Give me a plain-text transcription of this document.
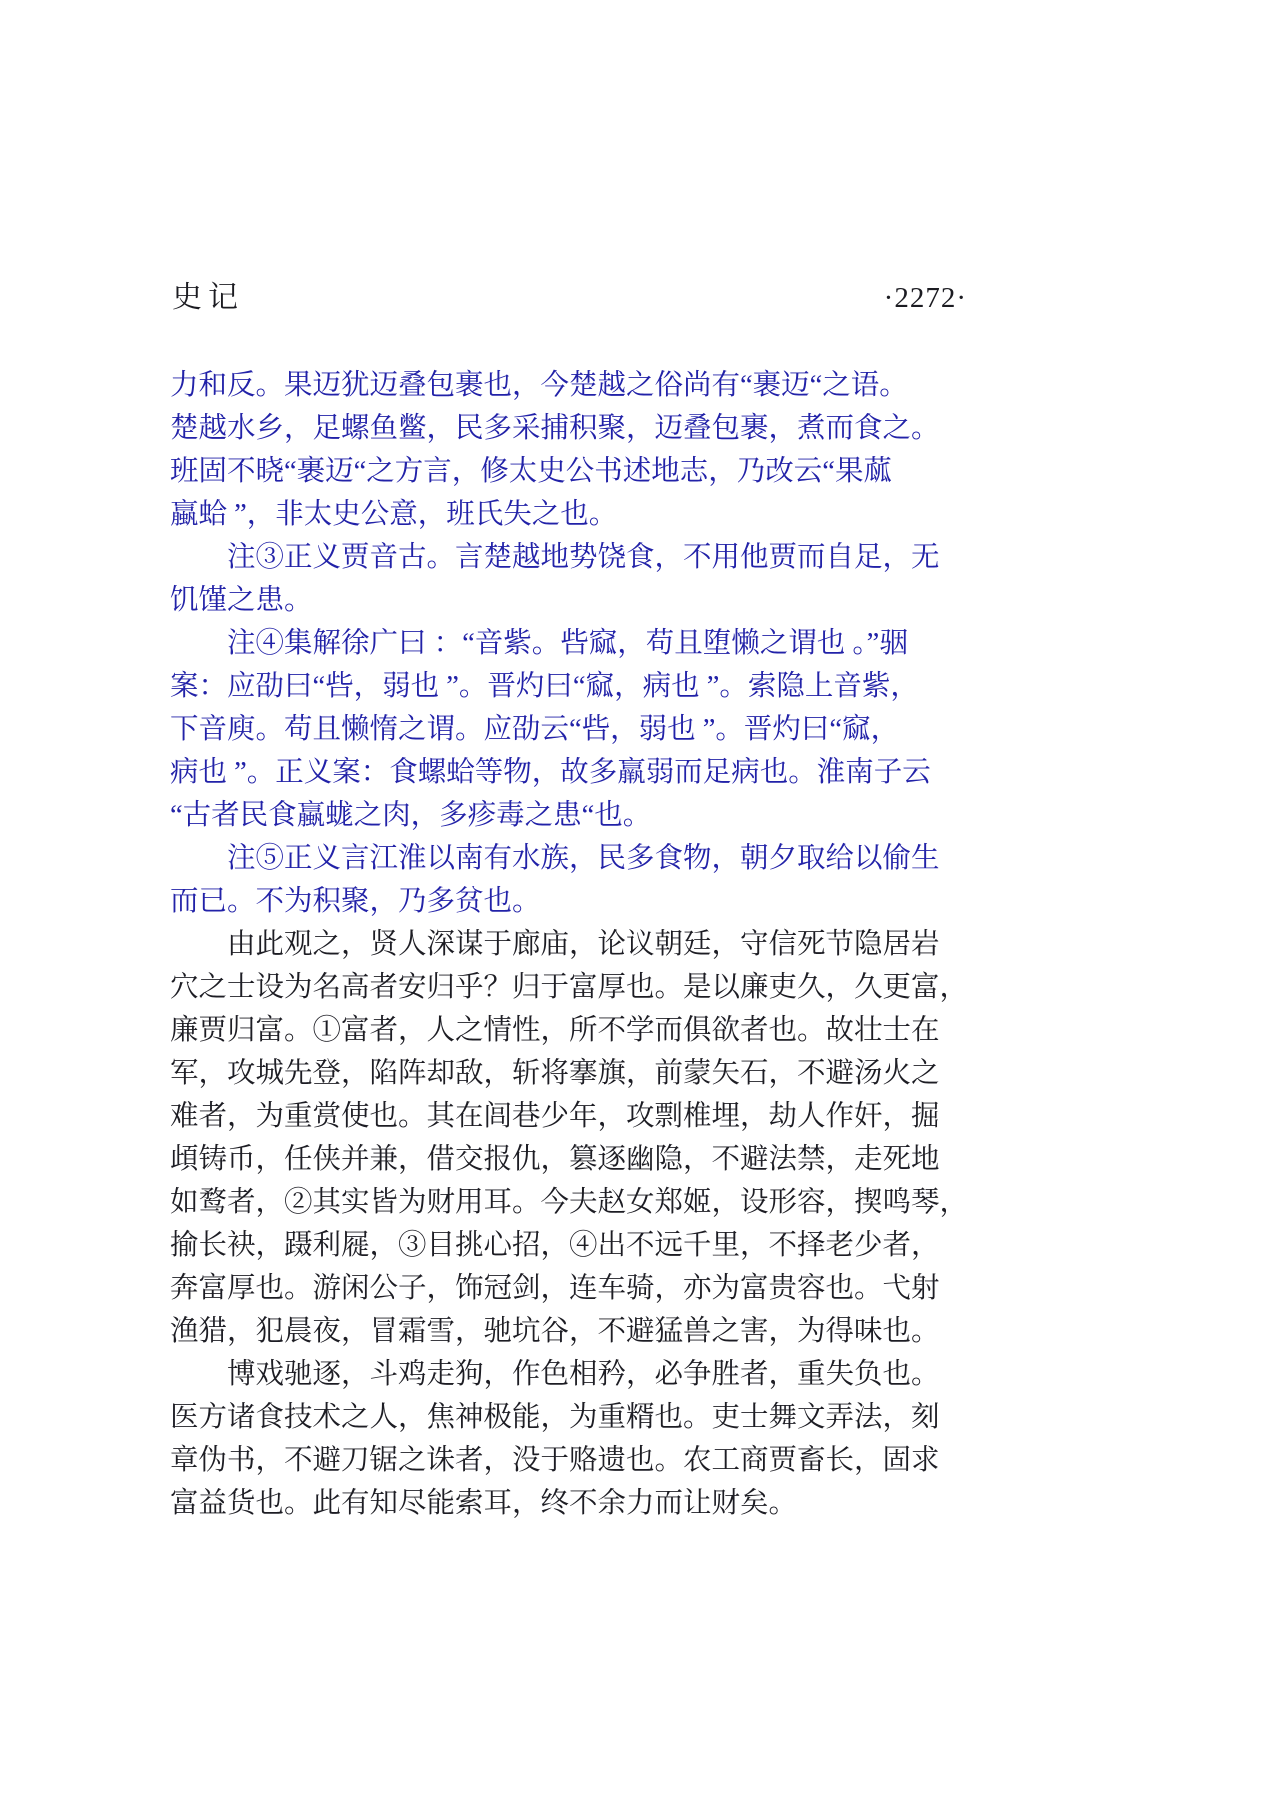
史记	·2272·
力和反。果迈犹迈叠包裹也，今楚越之俗尚有“裹迈“之语。
楚越水乡，足螺鱼鳖，民多采捕积聚，迈叠包裹，煮而食之。
班固不晓“裹迈“之方言，修太史公书述地志，乃改云“果蓏
蠃蛤 ”，非太史公意，班氏失之也。
注③正义贾音古。言楚越地势饶食，不用他贾而自足，无
饥馑之患。
注④集解徐广曰 ：“音紫。呰窳，苟且堕懒之谓也 。”骃
案：应劭曰“呰，弱也 ”。晋灼曰“窳，病也 ”。索隐上音紫，
下音庾。苟且懒惰之谓。应劭云“呰，弱也 ”。晋灼曰“窳，
病也 ”。正义案：食螺蛤等物，故多羸弱而足病也。淮南子云
“古者民食蠃蛖之肉，多疹毒之患“也。
注⑤正义言江淮以南有水族，民多食物，朝夕取给以偷生
而已。不为积聚，乃多贫也。
由此观之，贤人深谋于廊庙，论议朝廷，守信死节隐居岩
穴之士设为名高者安归乎？归于富厚也。是以廉吏久，久更富，
廉贾归富。①富者，人之情性，所不学而俱欲者也。故壮士在
军，攻城先登，陷阵却敌，斩将搴旗，前蒙矢石，不避汤火之
难者，为重赏使也。其在闾巷少年，攻剽椎埋，劫人作奸，掘
頉铸币，任侠并兼，借交报仇，篡逐幽隐，不避法禁，走死地
如鹜者，②其实皆为财用耳。今夫赵女郑姬，设形容，揳鸣琴，
揄长袂，蹑利屣，③目挑心招，④出不远千里，不择老少者，
奔富厚也。游闲公子，饰冠剑，连车骑，亦为富贵容也。弋射
渔猎，犯晨夜，冒霜雪，驰坑谷，不避猛兽之害，为得味也。
博戏驰逐，斗鸡走狗，作色相矜，必争胜者，重失负也。
医方诸食技术之人，焦神极能，为重糈也。吏士舞文弄法，刻
章伪书，不避刀锯之诛者，没于赂遗也。农工商贾畜长，固求
富益货也。此有知尽能索耳，终不余力而让财矣。
